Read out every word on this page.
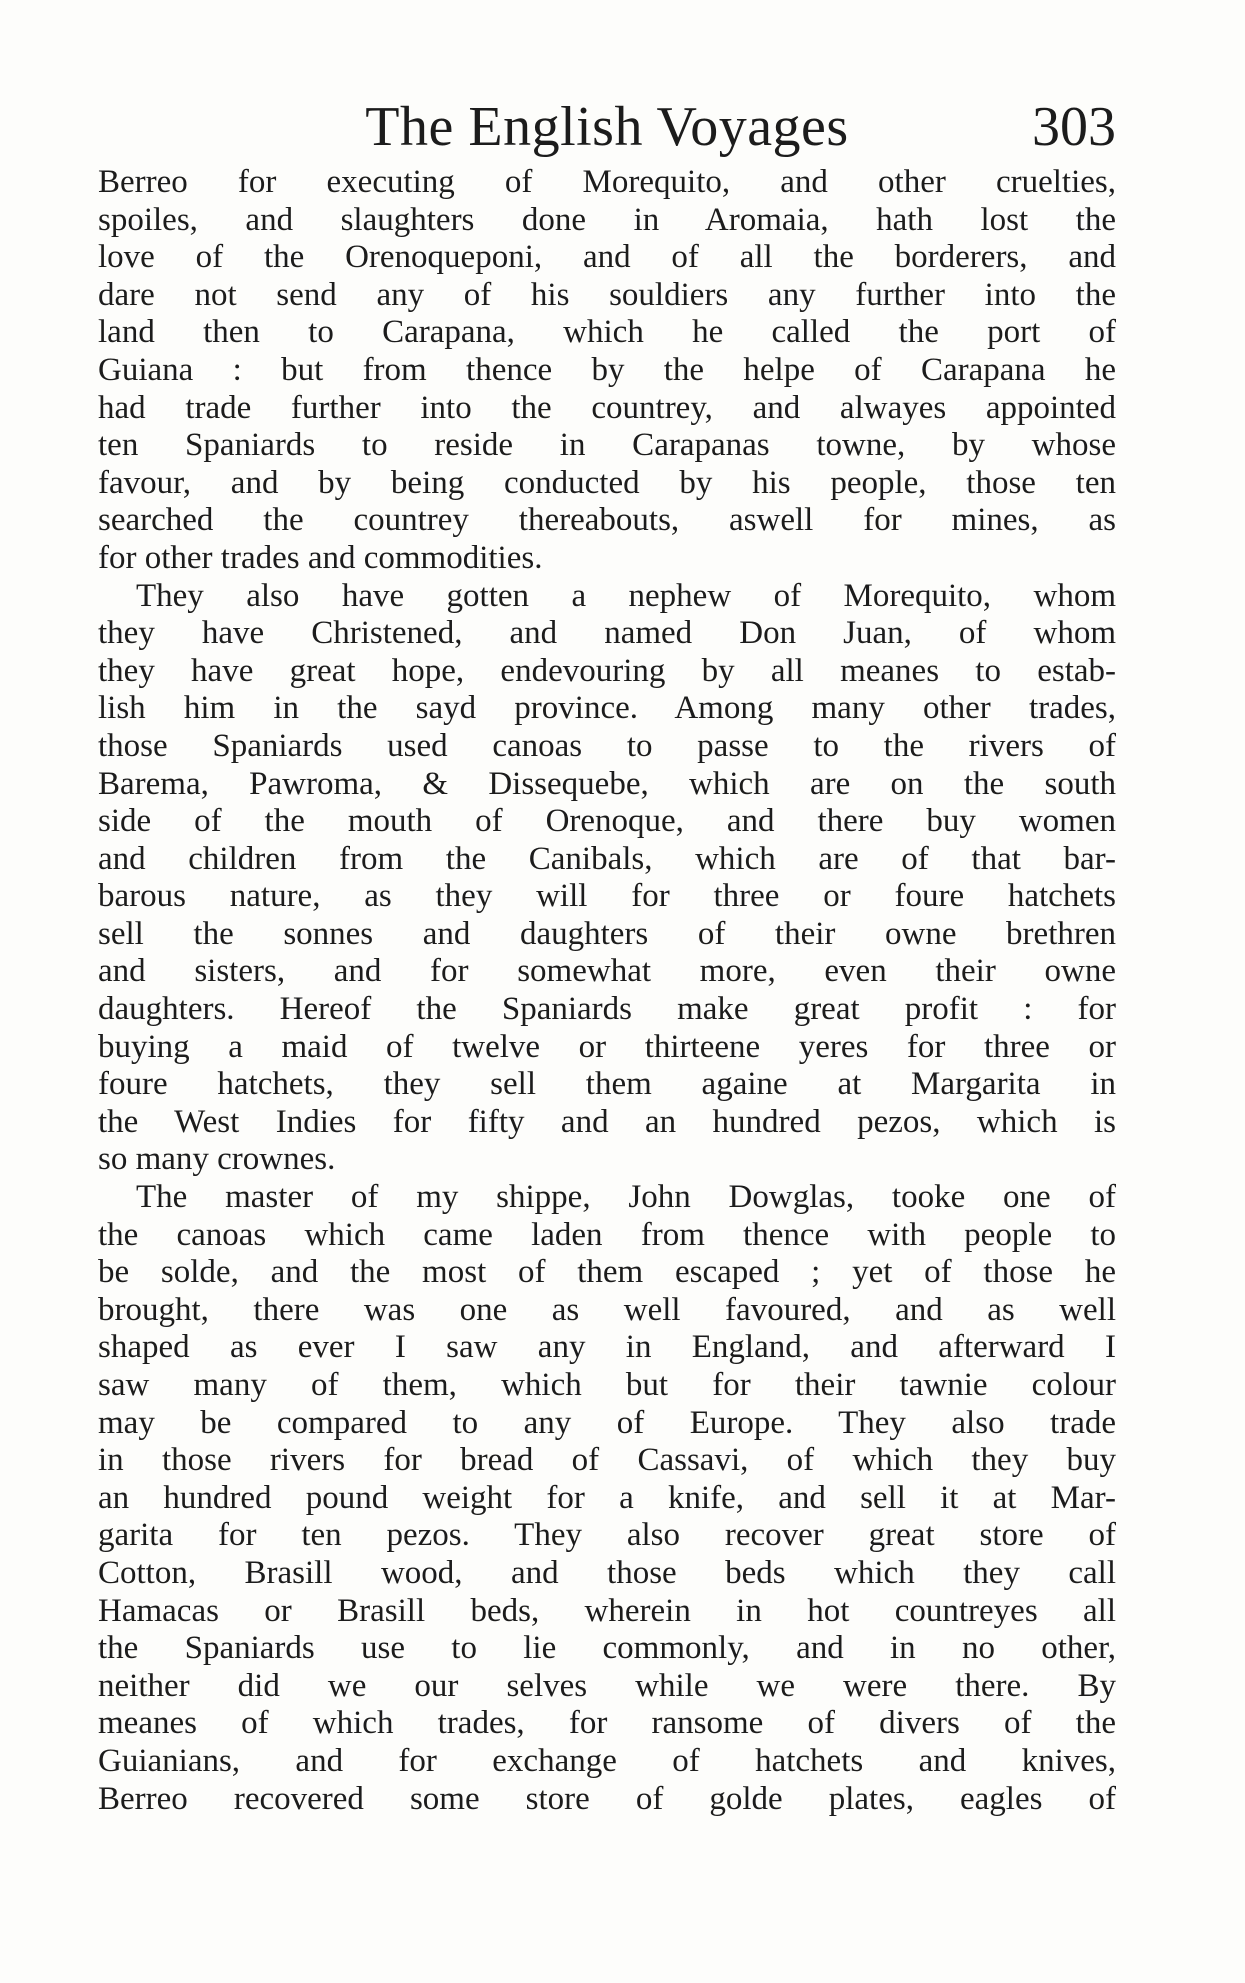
The English Voyages	303
Berreo for executing of Morequito, and other cruelties,
spoiles, and slaughters done in Aromaia, hath lost the
love of the Orenoqueponi, and of all the borderers, and
dare not send any of his souldiers any further into the
land then to Carapana, which he called the port of
Guiana : but from thence by the helpe of Carapana he
had trade further into the countrey, and alwayes appointed
ten Spaniards to reside in Carapanas towne, by whose
favour, and by being conducted by his people, those ten
searched the countrey thereabouts, aswell for mines, as
for other trades and commodities.
They also have gotten a nephew of Morequito, whom
they have Christened, and named Don Juan, of whom
they have great hope, endevouring by all meanes to estab-
lish him in the sayd province. Among many other trades,
those Spaniards used canoas to passe to the rivers of
Barema, Pawroma, & Dissequebe, which are on the south
side of the mouth of Orenoque, and there buy women
and children from the Canibals, which are of that bar-
barous nature, as they will for three or foure hatchets
sell the sonnes and daughters of their owne brethren
and sisters, and for somewhat more, even their owne
daughters. Hereof the Spaniards make great profit : for
buying a maid of twelve or thirteene yeres for three or
foure hatchets, they sell them againe at Margarita in
the West Indies for fifty and an hundred pezos, which is
so many crownes.
The master of my shippe, John Dowglas, tooke one of
the canoas which came laden from thence with people to
be solde, and the most of them escaped ; yet of those he
brought, there was one as well favoured, and as well
shaped as ever I saw any in England, and afterward I
saw many of them, which but for their tawnie colour
may be compared to any of Europe. They also trade
in those rivers for bread of Cassavi, of which they buy
an hundred pound weight for a knife, and sell it at Mar-
garita for ten pezos. They also recover great store of
Cotton, Brasill wood, and those beds which they call
Hamacas or Brasill beds, wherein in hot countreyes all
the Spaniards use to lie commonly, and in no other,
neither did we our selves while we were there. By
meanes of which trades, for ransome of divers of the
Guianians, and for exchange of hatchets and knives,
Berreo recovered some store of golde plates, eagles of
